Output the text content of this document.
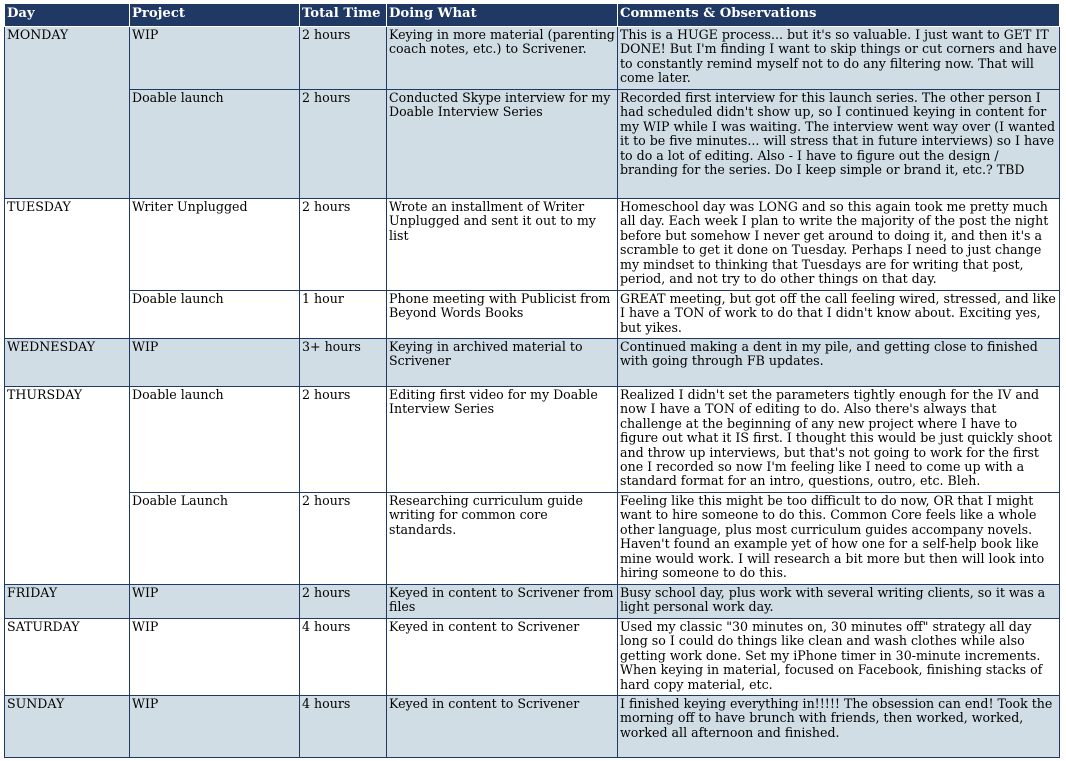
Day	Project	Total Time	Doing What	Comments & Observations
MONDAY	WIP	2 hours	Keying in more material (parenting coach notes, etc.) to Scrivener.	This is a HUGE process... but it's so valuable. I just want to GET IT DONE! But I'm finding I want to skip things or cut corners and have to constantly remind myself not to do any filtering now. That will come later.
	Doable launch	2 hours	Conducted Skype interview for my Doable Interview Series	Recorded first interview for this launch series. The other person I had scheduled didn't show up, so I continued keying in content for my WIP while I was waiting. The interview went way over (I wanted it to be five minutes... will stress that in future interviews) so I have to do a lot of editing. Also - I have to figure out the design / branding for the series. Do I keep simple or brand it, etc.? TBD
TUESDAY	Writer Unplugged	2 hours	Wrote an installment of Writer Unplugged and sent it out to my list	Homeschool day was LONG and so this again took me pretty much all day. Each week I plan to write the majority of the post the night before but somehow I never get around to doing it, and then it's a scramble to get it done on Tuesday. Perhaps I need to just change my mindset to thinking that Tuesdays are for writing that post, period, and not try to do other things on that day.
	Doable launch	1 hour	Phone meeting with Publicist from Beyond Words Books	GREAT meeting, but got off the call feeling wired, stressed, and like I have a TON of work to do that I didn't know about. Exciting yes, but yikes.
WEDNESDAY	WIP	3+ hours	Keying in archived material to Scrivener	Continued making a dent in my pile, and getting close to finished with going through FB updates.
THURSDAY	Doable launch	2 hours	Editing first video for my Doable Interview Series	Realized I didn't set the parameters tightly enough for the IV and now I have a TON of editing to do. Also there's always that challenge at the beginning of any new project where I have to figure out what it IS first. I thought this would be just quickly shoot and throw up interviews, but that's not going to work for the first one I recorded so now I'm feeling like I need to come up with a standard format for an intro, questions, outro, etc. Bleh.
	Doable Launch	2 hours	Researching curriculum guide writing for common core standards.	Feeling like this might be too difficult to do now, OR that I might want to hire someone to do this. Common Core feels like a whole other language, plus most curriculum guides accompany novels. Haven't found an example yet of how one for a self-help book like mine would work. I will research a bit more but then will look into hiring someone to do this.
FRIDAY	WIP	2 hours	Keyed in content to Scrivener from files	Busy school day, plus work with several writing clients, so it was a light personal work day.
SATURDAY	WIP	4 hours	Keyed in content to Scrivener	Used my classic "30 minutes on, 30 minutes off" strategy all day long so I could do things like clean and wash clothes while also getting work done. Set my iPhone timer in 30-minute increments. When keying in material, focused on Facebook, finishing stacks of hard copy material, etc.
SUNDAY	WIP	4 hours	Keyed in content to Scrivener	I finished keying everything in!!!!! The obsession can end! Took the morning off to have brunch with friends, then worked, worked, worked all afternoon and finished.
